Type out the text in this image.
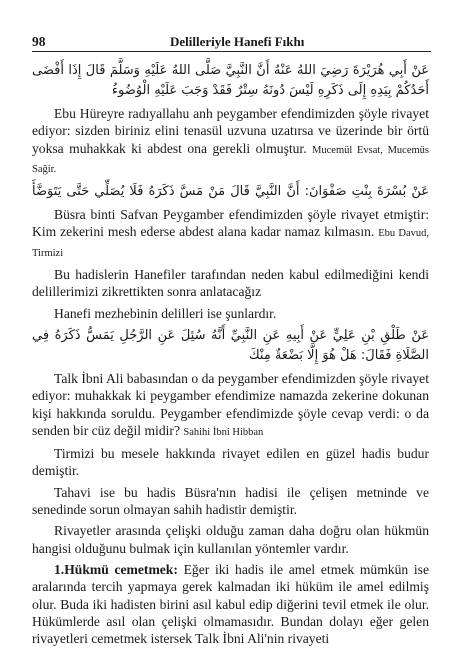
98	Delilleriyle Hanefi Fıkhı

عَنْ أَبِي هُرَيْرَةَ رَضِيَ اللهُ عَنْهُ أَنَّ النَّبِيَّ صَلَّى اللهُ عَلَيْهِ وَسَلَّمَ قَالَ إِذَا أَفْضَى

أَحَدُكُمْ بِيَدِهِ إِلَى ذَكَرِهِ لَيْسَ دُونَهُ سِتْرٌ فَقَدْ وَجَبَ عَلَيْهِ الْوُضُوءُ

Ebu Hüreyre radıyallahu anh peygamber efendimizden şöyle rivayet ediyor: sizden biriniz elini tenasül uzvuna uzatırsa ve üzerinde bir örtü yoksa muhakkak ki abdest ona gerekli olmuştur. Mucemül Evsat, Mucemüs Sağir.

عَنْ بُسْرَةَ بِنْتِ صَفْوَانَ: أَنَّ النَّبِيَّ قَالَ مَنْ مَسَّ ذَكَرَهُ فَلَا يُصَلِّي حَتَّى يَتَوَضَّأَ

Büsra binti Safvan Peygamber efendimizden şöyle rivayet etmiştir: Kim zekerini mesh ederse abdest alana kadar namaz kılmasın. Ebu Davud, Tirmizi

Bu hadislerin Hanefiler tarafından neden kabul edilmediğini kendi delillerimizi zikrettikten sonra anlatacağız

Hanefi mezhebinin delilleri ise şunlardır.

عَنْ طَلْقِ بْنِ عَلِيٍّ عَنْ أَبِيهِ عَنِ النَّبِيِّ أَنَّهُ سُئِلَ عَنِ الرَّجُلِ يَمَسُّ ذَكَرَهُ فِي

الصَّلَاةِ فَقَالَ: هَلْ هُوَ إِلَّا بَضْعَةٌ مِنْكَ

Talk İbni Ali babasından o da peygamber efendimizden şöyle rivayet ediyor: muhakkak ki peygamber efendimize namazda zekerine dokunan kişi hakkında soruldu. Peygamber efendimizde şöyle cevap verdi: o da senden bir cüz değil midir? Sahihi İbni Hibban

Tirmizi bu mesele hakkında rivayet edilen en güzel hadis budur demiştir.

Tahavi ise bu hadis Büsra'nın hadisi ile çelişen metninde ve senedinde sorun olmayan sahih hadistir demiştir.

Rivayetler arasında çelişki olduğu zaman daha doğru olan hükmün hangisi olduğunu bulmak için kullanılan yöntemler vardır.

1.Hükmü cemetmek: Eğer iki hadis ile amel etmek mümkün ise aralarında tercih yapmaya gerek kalmadan iki hüküm ile amel edilmiş olur. Buda iki hadisten birini asıl kabul edip diğerini tevil etmek ile olur. Hükümlerde asıl olan çelişki olmamasıdır. Bundan dolayı eğer gelen rivayetleri cemetmek istersek Talk İbni Ali'nin rivayeti
